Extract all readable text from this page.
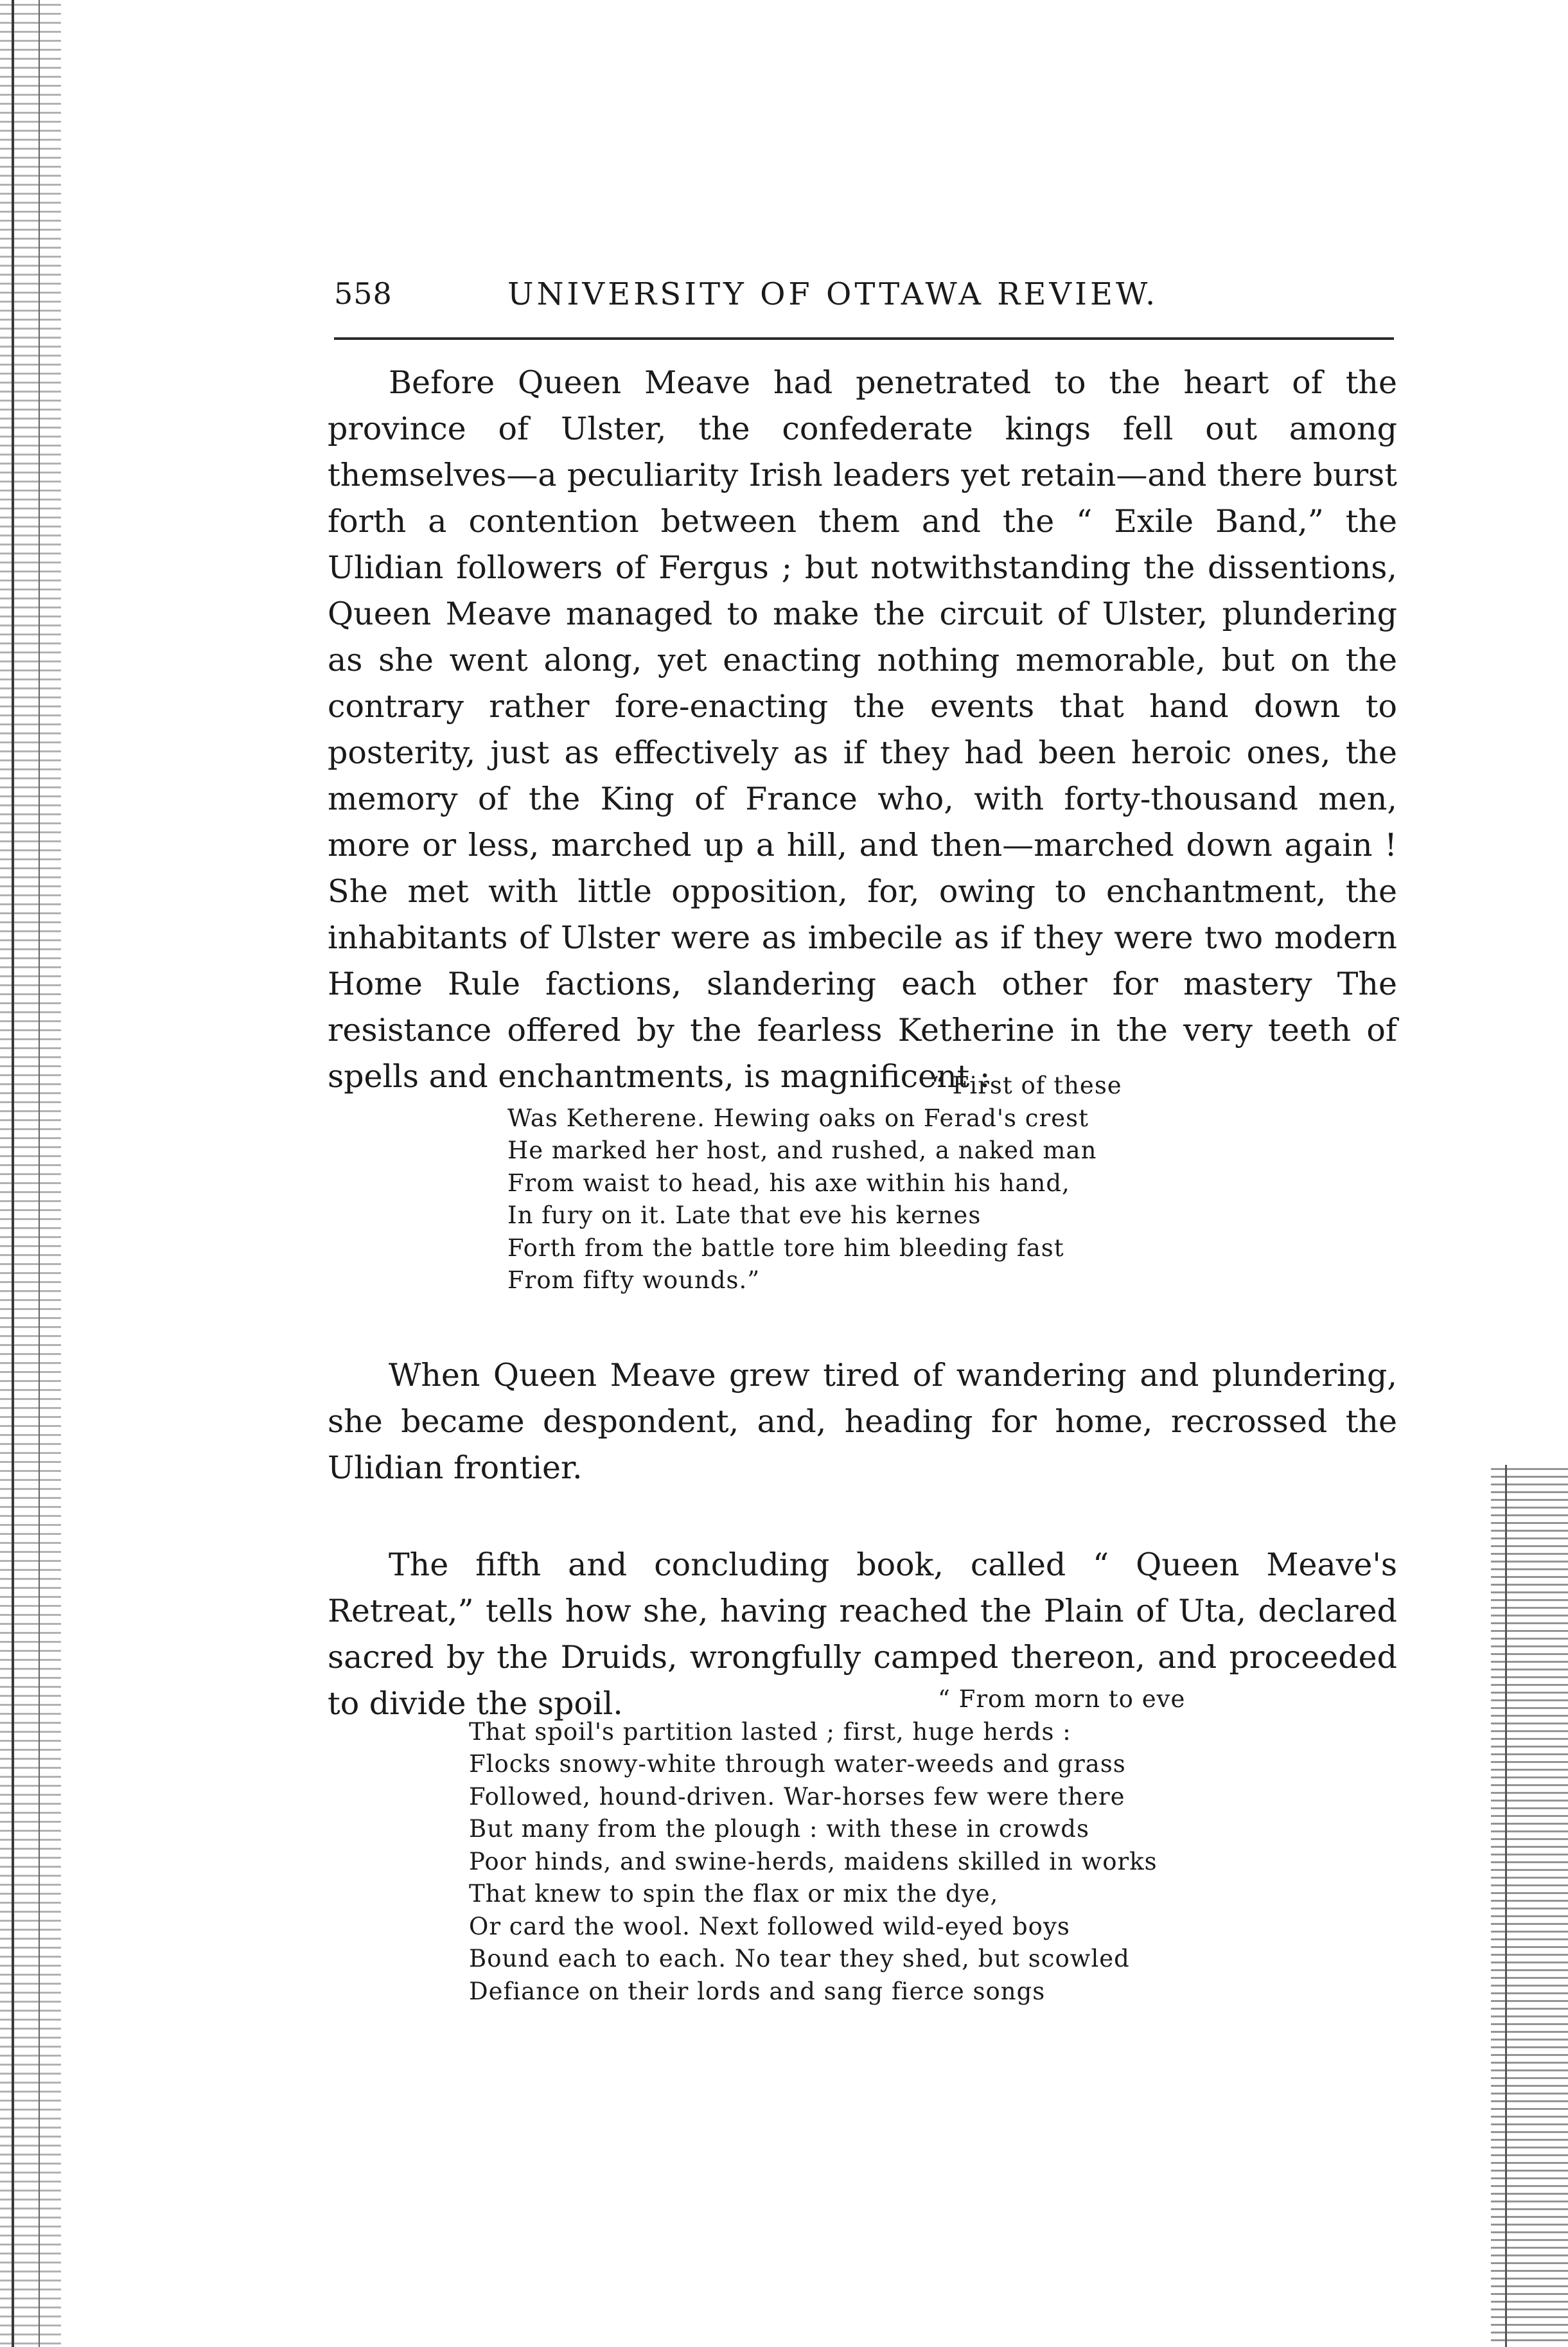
558	UNIVERSITY OF OTTAWA REVIEW.

Before Queen Meave had penetrated to the heart of the province of Ulster, the confederate kings fell out among themselves—a peculiarity Irish leaders yet retain—and there burst forth a contention between them and the “ Exile Band,” the Ulidian followers of Fergus ; but notwithstanding the dissentions, Queen Meave managed to make the circuit of Ulster, plundering as she went along, yet enacting nothing memorable, but on the contrary rather fore-enacting the events that hand down to posterity, just as effectively as if they had been heroic ones, the memory of the King of France who, with forty-thousand men, more or less, marched up a hill, and then—marched down again ! She met with little opposition, for, owing to enchantment, the inhabitants of Ulster were as imbecile as if they were two modern Home Rule factions, slandering each other for mastery The resistance offered by the fearless Ketherine in the very teeth of spells and enchantments, is magnificent :

“ First of these
Was Ketherene. Hewing oaks on Ferad's crest
He marked her host, and rushed, a naked man
From waist to head, his axe within his hand,
In fury on it. Late that eve his kernes
Forth from the battle tore him bleeding fast
From fifty wounds.”

When Queen Meave grew tired of wandering and plundering, she became despondent, and, heading for home, recrossed the Ulidian frontier.

The fifth and concluding book, called “ Queen Meave's Retreat,” tells how she, having reached the Plain of Uta, declared sacred by the Druids, wrongfully camped thereon, and proceeded to divide the spoil.	“ From morn to eve
That spoil's partition lasted ; first, huge herds :
Flocks snowy-white through water-weeds and grass
Followed, hound-driven. War-horses few were there
But many from the plough : with these in crowds
Poor hinds, and swine-herds, maidens skilled in works
That knew to spin the flax or mix the dye,
Or card the wool. Next followed wild-eyed boys
Bound each to each. No tear they shed, but scowled
Defiance on their lords and sang fierce songs
